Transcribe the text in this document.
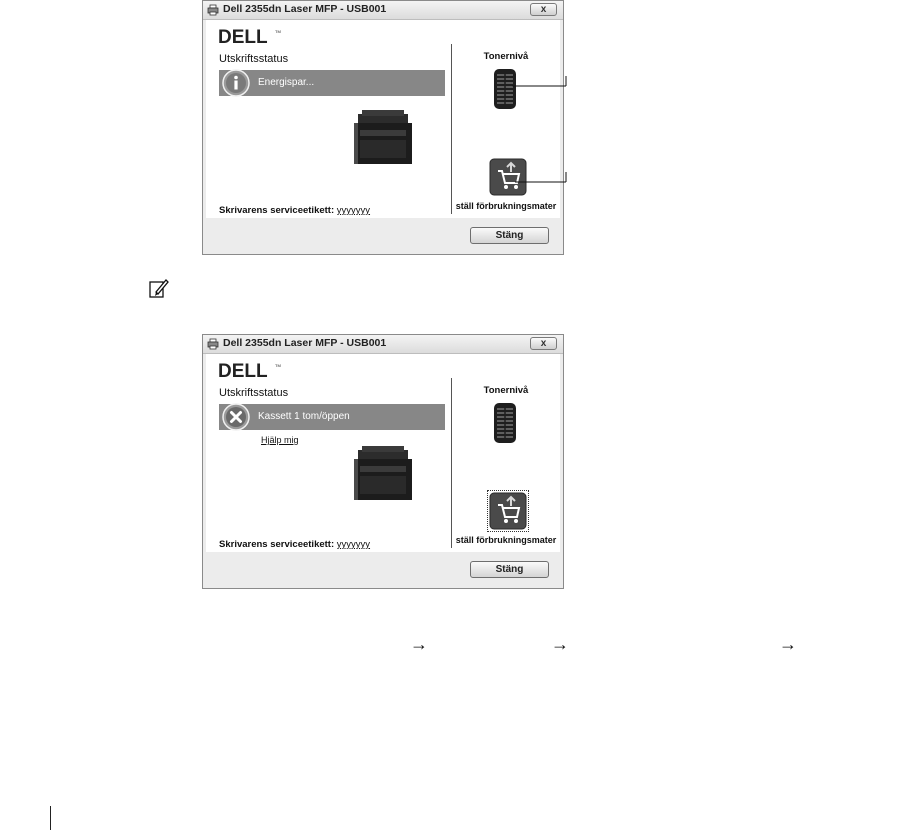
Dell 2355dn Laser MFP - USB001	x
DELL TM
Utskriftsstatus
Energispar...
Skrivarens serviceetikett: yyyyyyy
Tonernivå
ställ förbrukningsmater
Stäng
Dell 2355dn Laser MFP - USB001	x
DELL TM
Utskriftsstatus
Kassett 1 tom/öppen
Hjälp mig
Skrivarens serviceetikett: yyyyyyy
Tonernivå
ställ förbrukningsmater
Stäng
→	→	→
